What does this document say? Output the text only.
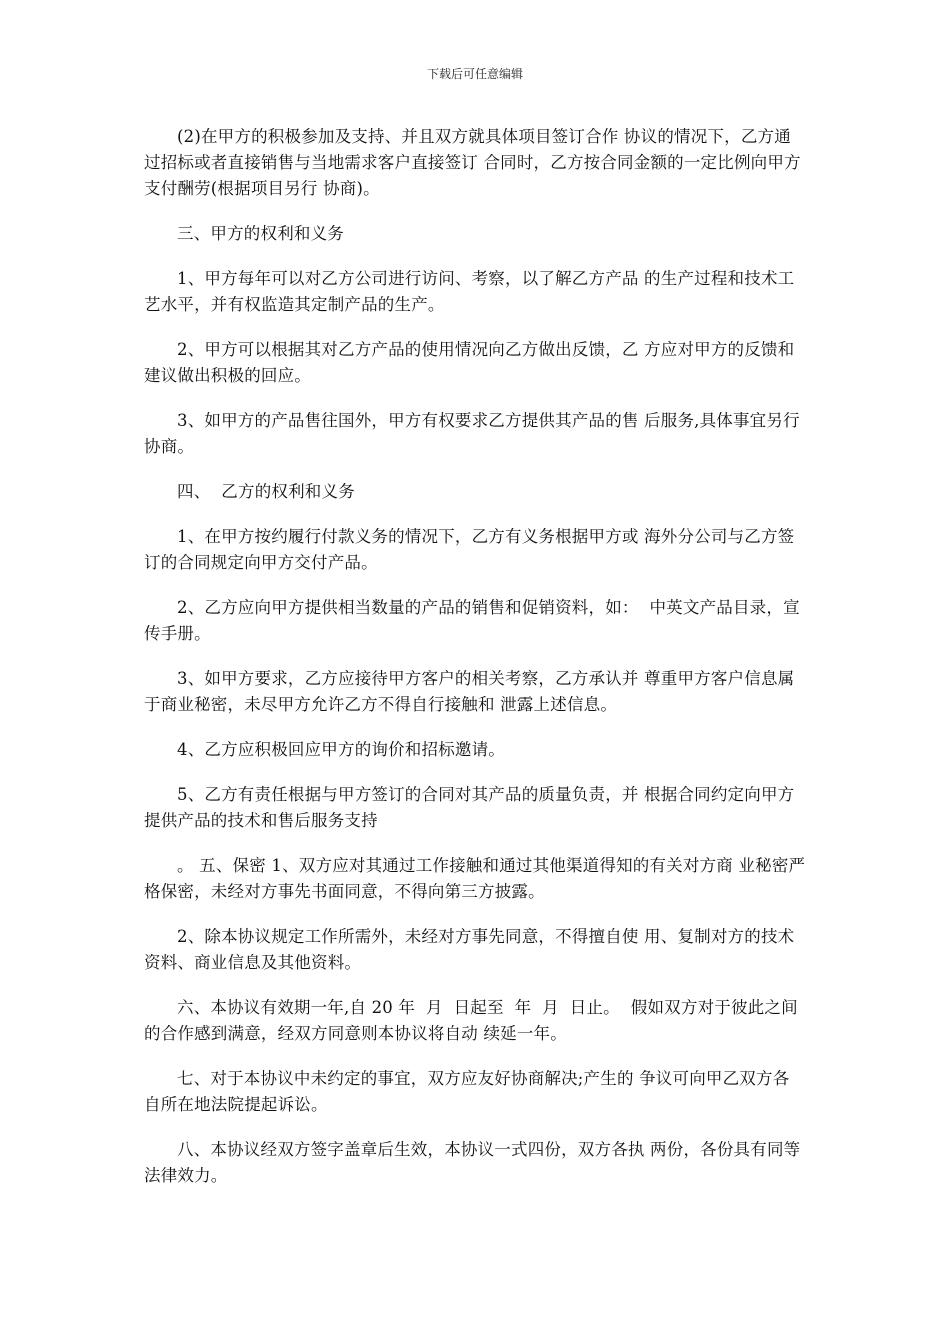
下载后可任意编辑

(2)在甲方的积极参加及支持、并且双方就具体项目签订合作 协议的情况下，乙方通过招标或者直接销售与当地需求客户直接签订 合同时，乙方按合同金额的一定比例向甲方支付酬劳(根据项目另行 协商)。

三、甲方的权利和义务

1、甲方每年可以对乙方公司进行访问、考察，以了解乙方产品 的生产过程和技术工艺水平，并有权监造其定制产品的生产。

2、甲方可以根据其对乙方产品的使用情况向乙方做出反馈，乙 方应对甲方的反馈和建议做出积极的回应。

3、如甲方的产品售往国外，甲方有权要求乙方提供其产品的售 后服务,具体事宜另行协商。

四、  乙方的权利和义务

1、在甲方按约履行付款义务的情况下，乙方有义务根据甲方或 海外分公司与乙方签订的合同规定向甲方交付产品。

2、乙方应向甲方提供相当数量的产品的销售和促销资料，如：  中英文产品目录，宣传手册。

3、如甲方要求，乙方应接待甲方客户的相关考察，乙方承认并 尊重甲方客户信息属于商业秘密，未尽甲方允许乙方不得自行接触和 泄露上述信息。

4、乙方应积极回应甲方的询价和招标邀请。

5、乙方有责任根据与甲方签订的合同对其产品的质量负责，并 根据合同约定向甲方提供产品的技术和售后服务支持

。 五、保密 1、双方应对其通过工作接触和通过其他渠道得知的有关对方商 业秘密严格保密，未经对方事先书面同意，不得向第三方披露。

2、除本协议规定工作所需外，未经对方事先同意，不得擅自使 用、复制对方的技术资料、商业信息及其他资料。

六、本协议有效期一年,自 20 年  月  日起至  年  月  日止。  假如双方对于彼此之间的合作感到满意，经双方同意则本协议将自动 续延一年。

七、对于本协议中未约定的事宜，双方应友好协商解决;产生的 争议可向甲乙双方各自所在地法院提起诉讼。

八、本协议经双方签字盖章后生效，本协议一式四份，双方各执 两份，各份具有同等法律效力。
